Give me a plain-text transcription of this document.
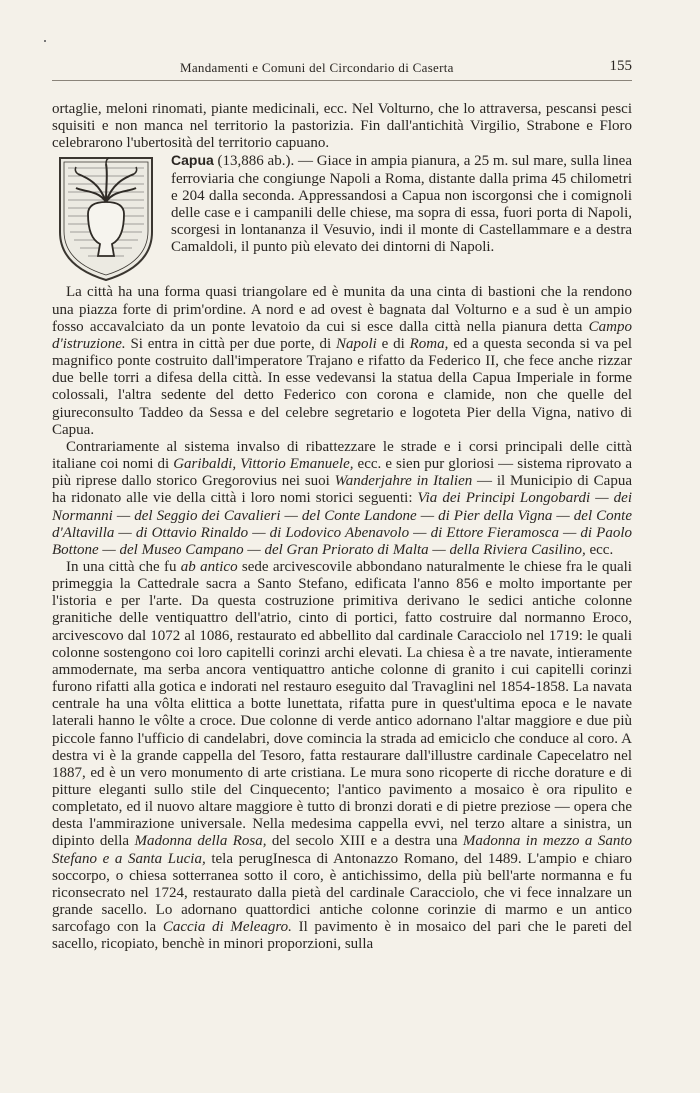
Mandamenti e Comuni del Circondario di Caserta	155

ortaglie, meloni rinomati, piante medicinali, ecc. Nel Volturno, che lo attraversa, pescansi pesci squisiti e non manca nel territorio la pastorizia. Fin dall'antichità Virgilio, Strabone e Floro celebrarono l'ubertosità del territorio capuano.

Capua (13,886 ab.). — Giace in ampia pianura, a 25 m. sul mare, sulla linea ferroviaria che congiunge Napoli a Roma, distante dalla prima 45 chilometri e 204 dalla seconda. Appressandosi a Capua non iscorgonsi che i comignoli delle case e i campanili delle chiese, ma sopra di essa, fuori porta di Napoli, scorgesi in lontananza il Vesuvio, indi il monte di Castellammare e a destra Camaldoli, il punto più elevato dei dintorni di Napoli.

La città ha una forma quasi triangolare ed è munita da una cinta di bastioni che la rendono una piazza forte di prim'ordine. A nord e ad ovest è bagnata dal Volturno e a sud è un ampio fosso accavalciato da un ponte levatoio da cui si esce dalla città nella pianura detta Campo d'istruzione. Si entra in città per due porte, di Napoli e di Roma, ed a questa seconda si va pel magnifico ponte costruito dall'imperatore Trajano e rifatto da Federico II, che fece anche rizzar due belle torri a difesa della città. In esse vedevansi la statua della Capua Imperiale in forme colossali, l'altra sedente del detto Federico con corona e clamide, non che quelle del giureconsulto Taddeo da Sessa e del celebre segretario e logoteta Pier della Vigna, nativo di Capua.

Contrariamente al sistema invalso di ribattezzare le strade e i corsi principali delle città italiane coi nomi di Garibaldi, Vittorio Emanuele, ecc. e sien pur gloriosi — sistema riprovato a più riprese dallo storico Gregorovius nei suoi Wanderjahre in Italien — il Municipio di Capua ha ridonato alle vie della città i loro nomi storici seguenti: Via dei Principi Longobardi — dei Normanni — del Seggio dei Cavalieri — del Conte Landone — di Pier della Vigna — del Conte d'Altavilla — di Ottavio Rinaldo — di Lodovico Abenavolo — di Ettore Fieramosca — di Paolo Bottone — del Museo Campano — del Gran Priorato di Malta — della Riviera Casilino, ecc.

In una città che fu ab antico sede arcivescovile abbondano naturalmente le chiese fra le quali primeggia la Cattedrale sacra a Santo Stefano, edificata l'anno 856 e molto importante per l'istoria e per l'arte. Da questa costruzione primitiva derivano le sedici antiche colonne granitiche delle ventiquattro dell'atrio, cinto di portici, fatto costruire dal normanno Eroco, arcivescovo dal 1072 al 1086, restaurato ed abbellito dal cardinale Caracciolo nel 1719: le quali colonne sostengono coi loro capitelli corinzi archi elevati. La chiesa è a tre navate, intieramente ammodernate, ma serba ancora ventiquattro antiche colonne di granito i cui capitelli corinzi furono rifatti alla gotica e indorati nel restauro eseguito dal Travaglini nel 1854-1858. La navata centrale ha una vôlta elittica a botte lunettata, rifatta pure in quest'ultima epoca e le navate laterali hanno le vôlte a croce. Due colonne di verde antico adornano l'altar maggiore e due più piccole fanno l'ufficio di candelabri, dove comincia la strada ad emiciclo che conduce al coro. A destra vi è la grande cappella del Tesoro, fatta restaurare dall'illustre cardinale Capecelatro nel 1887, ed è un vero monumento di arte cristiana. Le mura sono ricoperte di ricche dorature e di pitture eleganti sullo stile del Cinquecento; l'antico pavimento a mosaico è ora ripulito e completato, ed il nuovo altare maggiore è tutto di bronzi dorati e di pietre preziose — opera che desta l'ammirazione universale. Nella medesima cappella evvi, nel terzo altare a sinistra, un dipinto della Madonna della Rosa, del secolo XIII e a destra una Madonna in mezzo a Santo Stefano e a Santa Lucia, tela perugInesca di Antonazzo Romano, del 1489. L'ampio e chiaro soccorpo, o chiesa sotterranea sotto il coro, è antichissimo, della più bell'arte normanna e fu riconsecrato nel 1724, restaurato dalla pietà del cardinale Caracciolo, che vi fece innalzare un grande sacello. Lo adornano quattordici antiche colonne corinzie di marmo e un antico sarcofago con la Caccia di Meleagro. Il pavimento è in mosaico del pari che le pareti del sacello, ricopiato, benchè in minori proporzioni, sulla
